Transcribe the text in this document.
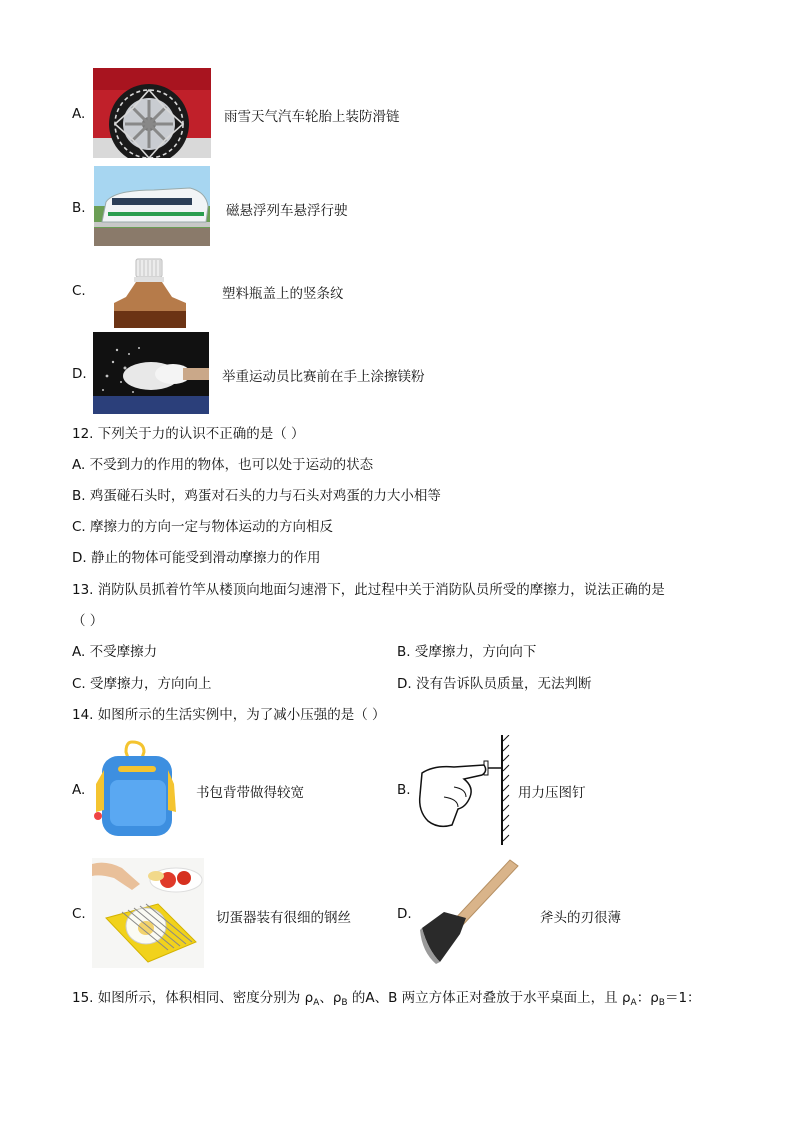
A.	雨雪天气汽车轮胎上装防滑链
B.	磁悬浮列车悬浮行驶
C.	塑料瓶盖上的竖条纹
D.	举重运动员比赛前在手上涂擦镁粉
12. 下列关于力的认识不正确的是（ ）
A. 不受到力的作用的物体，也可以处于运动的状态
B. 鸡蛋碰石头时，鸡蛋对石头的力与石头对鸡蛋的力大小相等
C. 摩擦力的方向一定与物体运动的方向相反
D. 静止的物体可能受到滑动摩擦力的作用
13. 消防队员抓着竹竿从楼顶向地面匀速滑下，此过程中关于消防队员所受的摩擦力，说法正确的是
（ ）
A. 不受摩擦力	B. 受摩擦力，方向向下
C. 受摩擦力，方向向上	D. 没有告诉队员质量，无法判断
14. 如图所示的生活实例中，为了减小压强的是（ ）
A.	书包背带做得较宽	B.	用力压图钉
C.	切蛋器装有很细的钢丝	D.	斧头的刃很薄
15. 如图所示，体积相同、密度分别为 $\rho_A$、$\rho_B$ 的A、B 两立方体正对叠放于水平桌面上，且 $\rho_A$：$\rho_B=1$：
